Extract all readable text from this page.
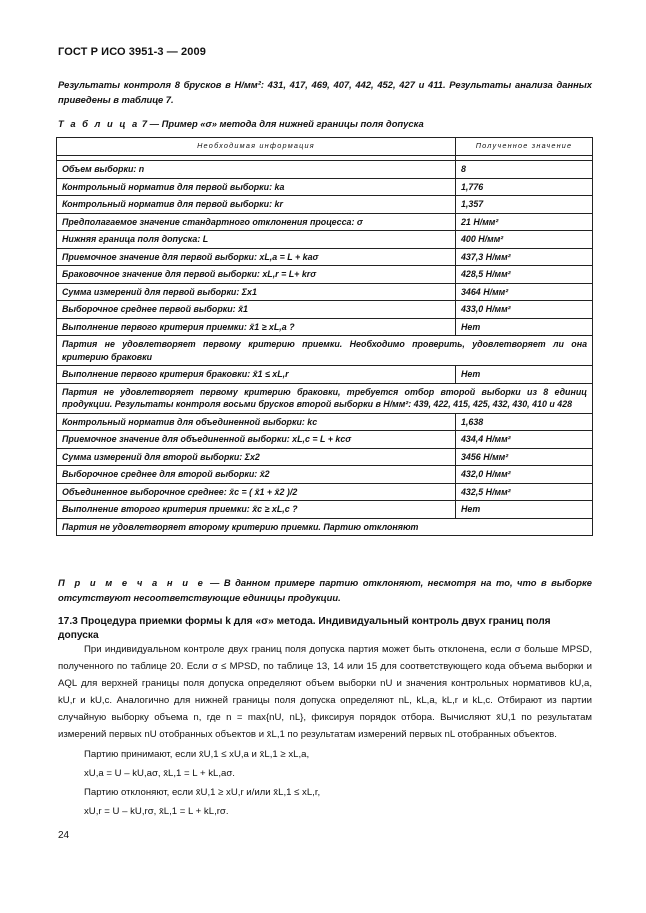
ГОСТ Р ИСО 3951-3 — 2009
Результаты контроля 8 брусков в Н/мм²: 431, 417, 469, 407, 442, 452, 427 и 411. Результаты анализа данных приведены в таблице 7.
Т а б л и ц а 7 — Пример «σ» метода для нижней границы поля допуска
Необходимая информация	Полученное значение

Объем выборки: n	8
Контрольный норматив для первой выборки: ka	1,776
Контрольный норматив для первой выборки: kr	1,357
Предполагаемое значение стандартного отклонения процесса: σ	21 Н/мм²
Нижняя граница поля допуска: L	400 Н/мм²
Приемочное значение для первой выборки: xL,a = L + kaσ	437,3 Н/мм²
Браковочное значение для первой выборки: xL,r = L+ krσ	428,5 Н/мм²
Сумма измерений для первой выборки: Σx1	3464 Н/мм²
Выборочное среднее первой выборки: x̄1	433,0 Н/мм²
Выполнение первого критерия приемки: x̄1 ≥ xL,a ?	Нет
Партия не удовлетворяет первому критерию приемки. Необходимо проверить, удовлетворяет ли она критерию браковки	
Выполнение первого критерия браковки: x̄1 ≤ xL,r	Нет
Партия не удовлетворяет первому критерию браковки, требуется отбор второй выборки из 8 единиц продукции. Результаты контроля восьми брусков второй выборки в Н/мм²: 439, 422, 415, 425, 432, 430, 410 и 428	
Контрольный норматив для объединенной выборки: kc	1,638
Приемочное значение для объединенной выборки: xL,c = L + kcσ	434,4 Н/мм²
Сумма измерений для второй выборки: Σx2	3456 Н/мм²
Выборочное среднее для второй выборки: x̄2	432,0 Н/мм²
Объединенное выборочное среднее: x̄c = ( x̄1 + x̄2 )/2	432,5 Н/мм²
Выполнение второго критерия приемки: x̄c ≥ xL,c ?	Нет
Партия не удовлетворяет второму критерию приемки. Партию отклоняют	
П р и м е ч а н и е — В данном примере партию отклоняют, несмотря на то, что в выборке отсутствуют несоответствующие единицы продукции.
17.3 Процедура приемки формы k для «σ» метода. Индивидуальный контроль двух границ поля допуска

При индивидуальном контроле двух границ поля допуска партия может быть отклонена, если σ больше MPSD, полученного по таблице 20. Если σ ≤ MPSD, по таблице 13, 14 или 15 для соответствующего кода объема выборки и AQL для верхней границы поля допуска определяют объем выборки nU и значения контрольных нормативов kU,a, kU,r и kU,c. Аналогично для нижней границы поля допуска определяют nL, kL,a, kL,r и kL,c. Отбирают из партии случайную выборку объема n, где n = max{nU, nL}, фиксируя порядок отбора. Вычисляют x̄U,1 по результатам измерений первых nU отобранных объектов и x̄L,1 по результатам измерений первых nL отобранных объектов.

Партию принимают, если x̄U,1 ≤ xU,a и x̄L,1 ≥ xL,a,
xU,a = U – kU,aσ, x̄L,1 = L + kL,aσ.
Партию отклоняют, если x̄U,1 ≥ xU,r и/или x̄L,1 ≤ xL,r,
xU,r = U – kU,rσ, x̄L,1 = L + kL,rσ.
24
